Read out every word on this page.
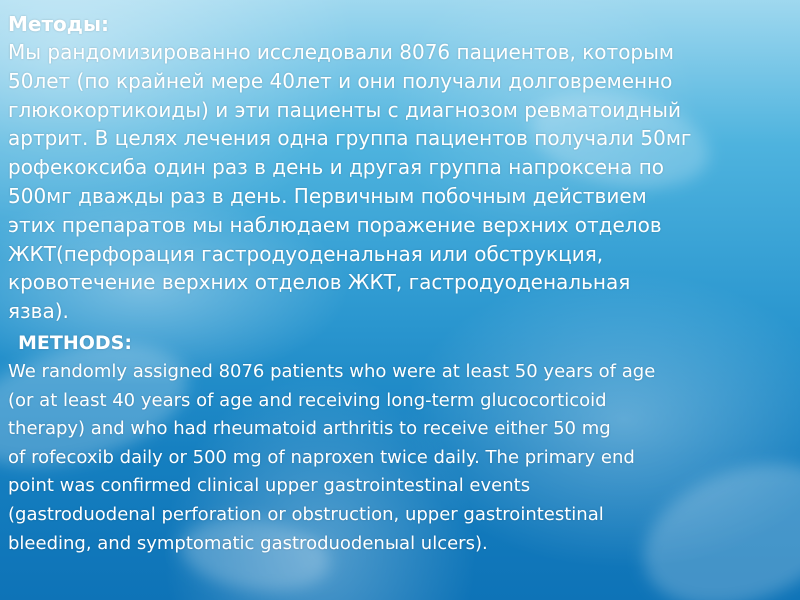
Методы:

Мы рандомизированно исследовали 8076 пациентов, которым
50лет (по крайней мере 40лет и они получали долговременно
глюкокортикоиды) и эти пациенты с диагнозом ревматоидный
артрит. В целях лечения одна группа пациентов получали 50мг
рофекоксиба один раз в день и другая группа напроксена по
500мг дважды раз в день. Первичным побочным действием
этих препаратов мы наблюдаем поражение верхних отделов
ЖКТ(перфорация гастродуоденальная или обструкция,
кровотечение верхних отделов ЖКТ, гастродуоденальная
язва).

METHODS:

We randomly assigned 8076 patients who were at least 50 years of age
(or at least 40 years of age and receiving long-term glucocorticoid
therapy) and who had rheumatoid arthritis to receive either 50 mg
of rofecoxib daily or 500 mg of naproxen twice daily. The primary end
point was confirmed clinical upper gastrointestinal events
(gastroduodenal perforation or obstruction, upper gastrointestinal
bleeding, and symptomatic gastroduodenыal ulcers).
